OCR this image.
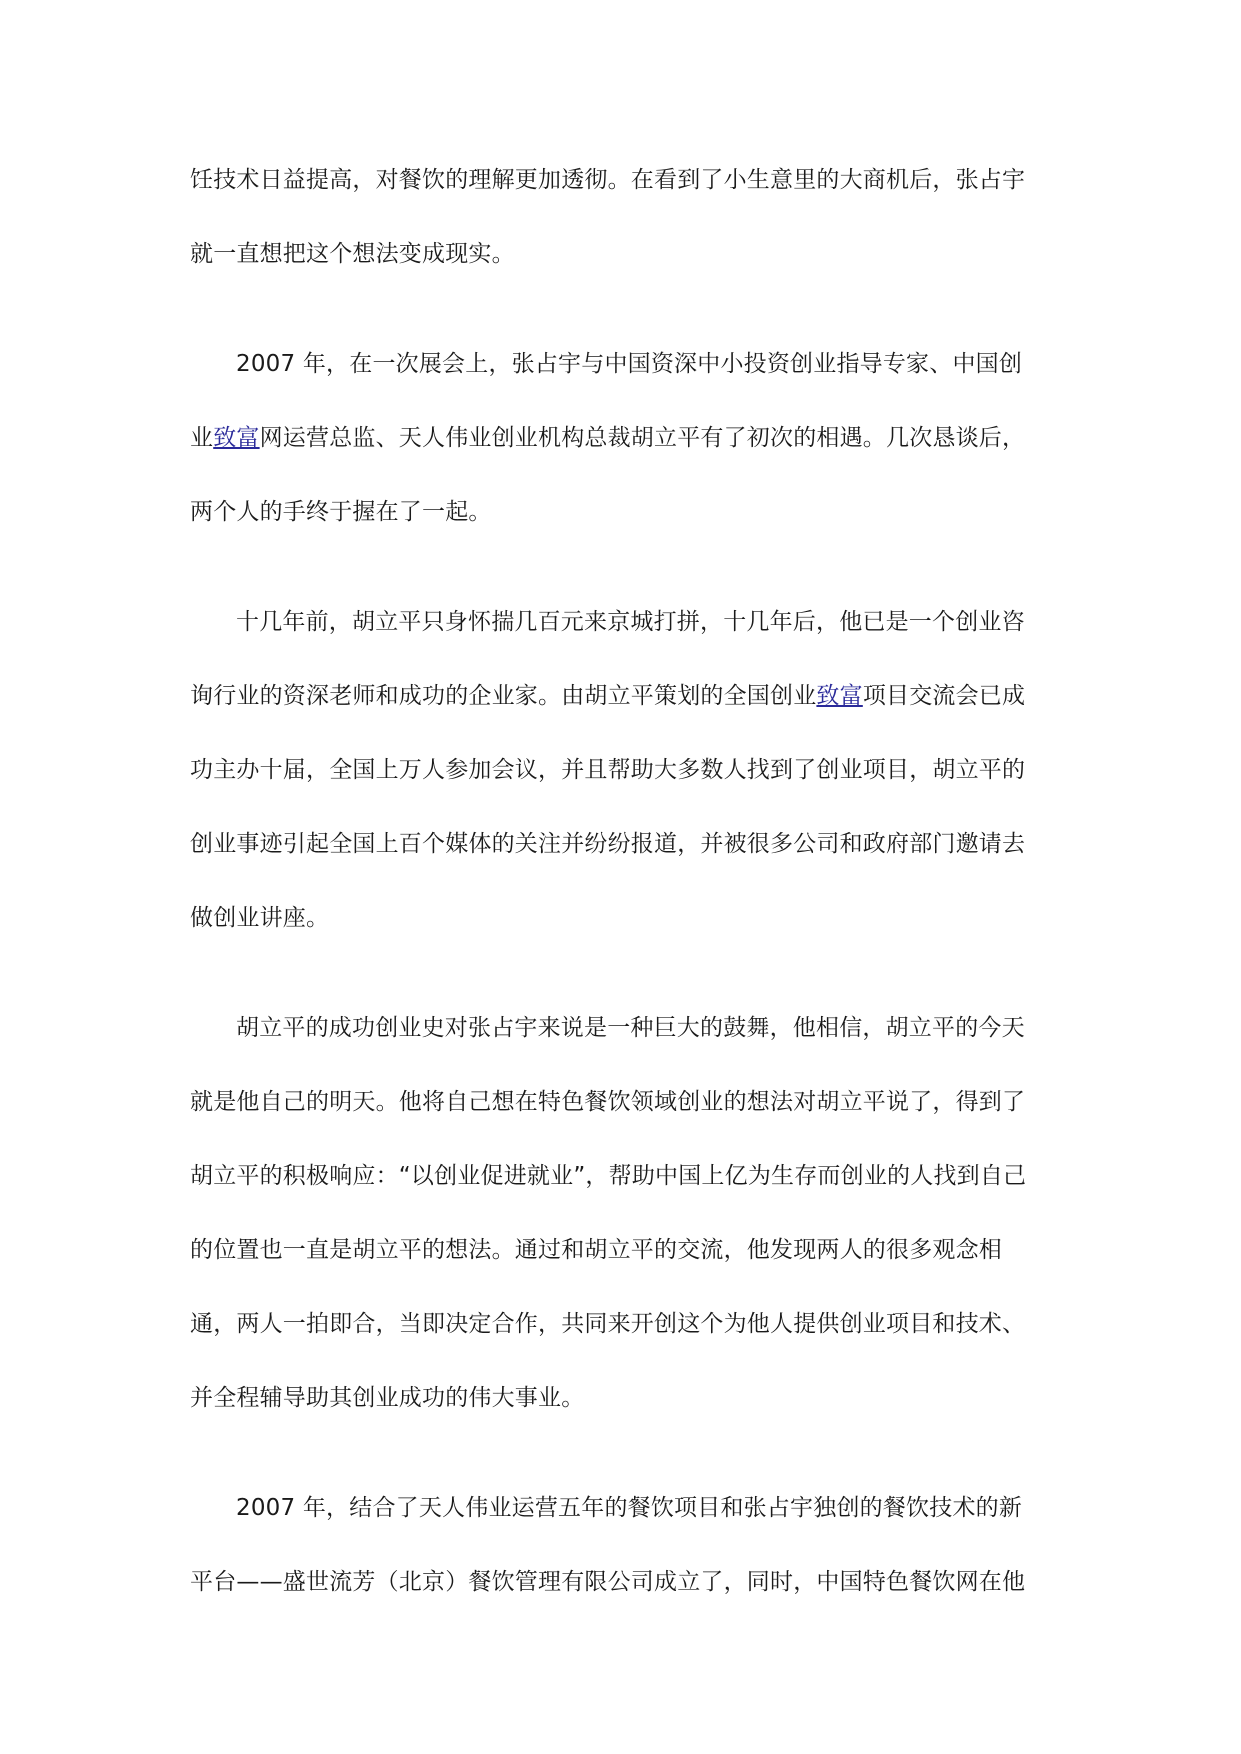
饪技术日益提高，对餐饮的理解更加透彻。在看到了小生意里的大商机后，张占宇
就一直想把这个想法变成现实。

2007 年，在一次展会上，张占宇与中国资深中小投资创业指导专家、中国创
业致富网运营总监、天人伟业创业机构总裁胡立平有了初次的相遇。几次恳谈后，
两个人的手终于握在了一起。

十几年前，胡立平只身怀揣几百元来京城打拼，十几年后，他已是一个创业咨
询行业的资深老师和成功的企业家。由胡立平策划的全国创业致富项目交流会已成
功主办十届，全国上万人参加会议，并且帮助大多数人找到了创业项目，胡立平的
创业事迹引起全国上百个媒体的关注并纷纷报道，并被很多公司和政府部门邀请去
做创业讲座。

胡立平的成功创业史对张占宇来说是一种巨大的鼓舞，他相信，胡立平的今天
就是他自己的明天。他将自己想在特色餐饮领域创业的想法对胡立平说了，得到了
胡立平的积极响应：“以创业促进就业”，帮助中国上亿为生存而创业的人找到自己
的位置也一直是胡立平的想法。通过和胡立平的交流，他发现两人的很多观念相
通，两人一拍即合，当即决定合作，共同来开创这个为他人提供创业项目和技术、
并全程辅导助其创业成功的伟大事业。

2007 年，结合了天人伟业运营五年的餐饮项目和张占宇独创的餐饮技术的新
平台——盛世流芳（北京）餐饮管理有限公司成立了，同时，中国特色餐饮网在他
